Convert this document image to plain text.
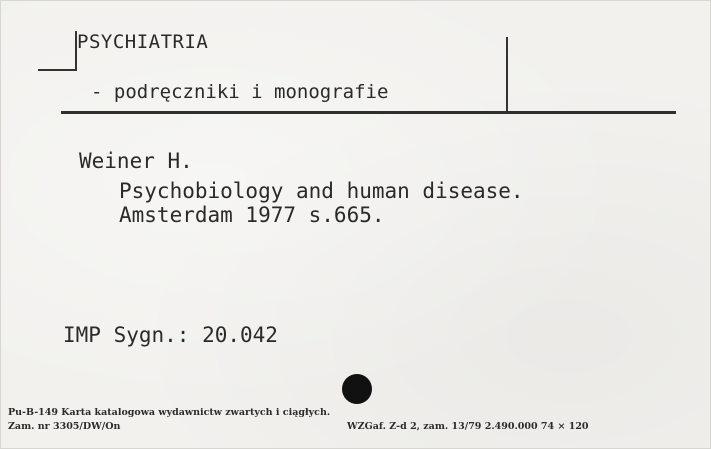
PSYCHIATRIA
- podręczniki i monografie
Weiner H.
Psychobiology and human disease.
Amsterdam 1977 s.665.
IMP Sygn.: 20.042
Pu-B-149 Karta katalogowa wydawnictw zwartych i ciągłych.
Zam. nr 3305/DW/On	WZGaf. Z-d 2, zam. 13/79 2.490.000 74 × 120
